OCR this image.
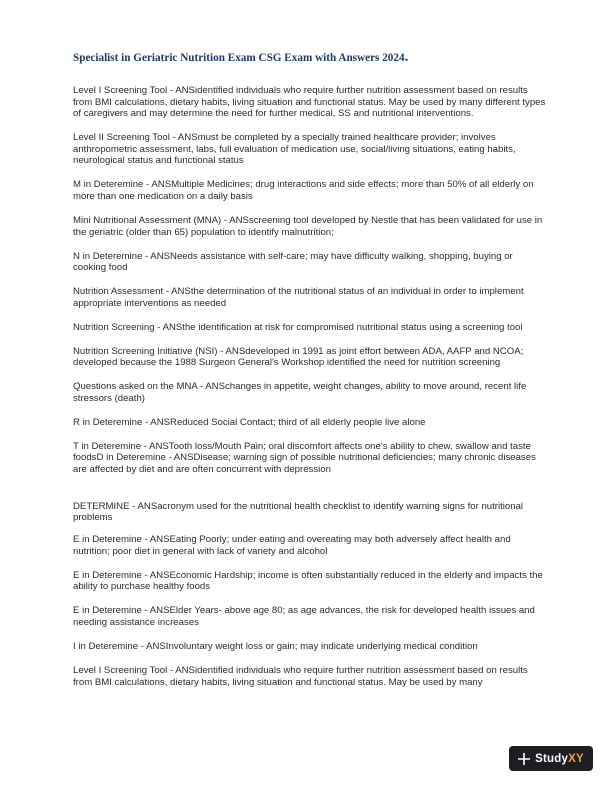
Specialist in Geriatric Nutrition Exam CSG Exam with Answers 2024.
Level I Screening Tool - ANSidentified individuals who require further nutrition assessment based on results from BMI calculations, dietary habits, living situation and functional status. May be used by many different types of caregivers and may determine the need for further medical, SS and nutritional interventions.
Level II Screening Tool - ANSmust be completed by a specially trained healthcare provider; involves anthropometric assessment, labs, full evaluation of medication use, social/living situations, eating habits, neurological status and functional status
M in Deteremine - ANSMultiple Medicines; drug interactions and side effects; more than 50% of all elderly on more than one medication on a daily basis
Mini Nutritional Assessment (MNA) - ANSscreening tool developed by Nestle that has been validated for use in the geriatric (older than 65) population to identify malnutrition;
N in Deteremine - ANSNeeds assistance with self-care; may have difficulty walking, shopping, buying or cooking food
Nutrition Assessment - ANSthe determination of the nutritional status of an individual in order to implement appropriate interventions as needed
Nutrition Screening - ANSthe identification at risk for compromised nutritional status using a screening tool
Nutrition Screening Initiative (NSI) - ANSdeveloped in 1991 as joint effort between ADA, AAFP and NCOA; developed because the 1988 Surgeon General's Workshop identified the need for nutrition screening
Questions asked on the MNA - ANSchanges in appetite, weight changes, ability to move around, recent life stressors (death)
R in Deteremine - ANSReduced Social Contact; third of all elderly people live alone
T in Deteremine - ANSTooth loss/Mouth Pain; oral discomfort affects one's ability to chew, swallow and taste foodsD in Deteremine - ANSDisease; warning sign of possible nutritional deficiencies; many chronic diseases are affected by diet and are often concurrent with depression
DETERMINE - ANSacronym used for the nutritional health checklist to identify warning signs for nutritional problems
E in Deteremine - ANSEating Poorly; under eating and overeating may both adversely affect health and nutrition; poor diet in general with lack of variety and alcohol
E in Deteremine - ANSEconomic Hardship; income is often substantially reduced in the elderly and impacts the ability to purchase healthy foods
E in Deteremine - ANSElder Years- above age 80; as age advances, the risk for developed health issues and needing assistance increases
I in Deteremine - ANSInvoluntary weight loss or gain; may indicate underlying medical condition
Level I Screening Tool - ANSidentified individuals who require further nutrition assessment based on results from BMI calculations, dietary habits, living situation and functional status. May be used by many
StudyXY
